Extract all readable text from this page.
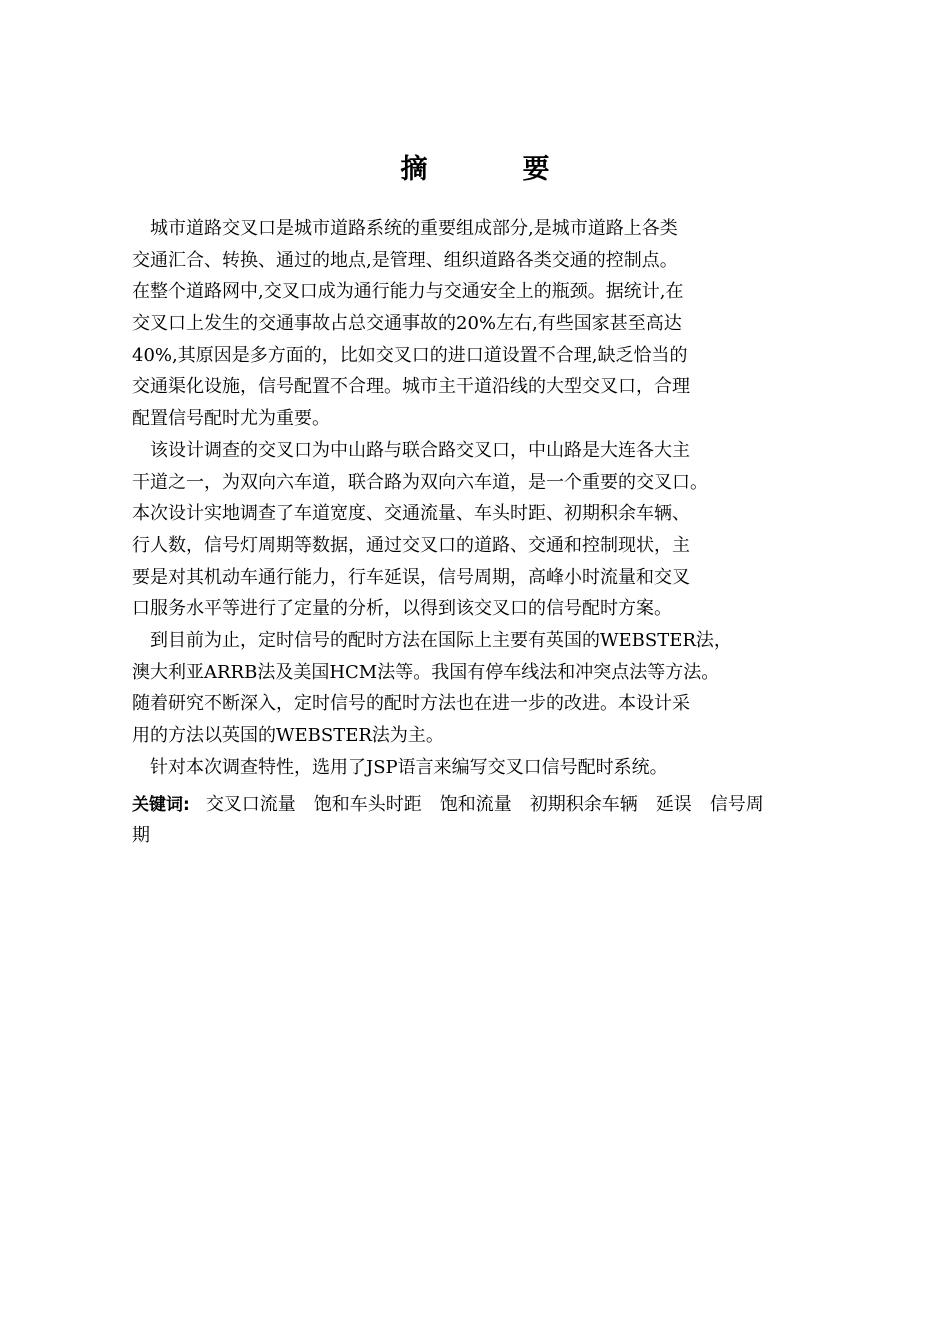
摘　要
　城市道路交叉口是城市道路系统的重要组成部分,是城市道路上各类
交通汇合、转换、通过的地点,是管理、组织道路各类交通的控制点。
在整个道路网中,交叉口成为通行能力与交通安全上的瓶颈。据统计,在
交叉口上发生的交通事故占总交通事故的20%左右,有些国家甚至高达
40%,其原因是多方面的，比如交叉口的进口道设置不合理,缺乏恰当的
交通渠化设施，信号配置不合理。城市主干道沿线的大型交叉口，合理
配置信号配时尤为重要。
　该设计调查的交叉口为中山路与联合路交叉口，中山路是大连各大主
干道之一，为双向六车道，联合路为双向六车道，是一个重要的交叉口。
本次设计实地调查了车道宽度、交通流量、车头时距、初期积余车辆、
行人数，信号灯周期等数据，通过交叉口的道路、交通和控制现状，主
要是对其机动车通行能力，行车延误，信号周期，高峰小时流量和交叉
口服务水平等进行了定量的分析，以得到该交叉口的信号配时方案。
　到目前为止，定时信号的配时方法在国际上主要有英国的WEBSTER法，
澳大利亚ARRB法及美国HCM法等。我国有停车线法和冲突点法等方法。
随着研究不断深入，定时信号的配时方法也在进一步的改进。本设计采
用的方法以英国的WEBSTER法为主。
　针对本次调查特性，选用了JSP语言来编写交叉口信号配时系统。
关键词: 交叉口流量 饱和车头时距 饱和流量 初期积余车辆 延误 信号周
期
